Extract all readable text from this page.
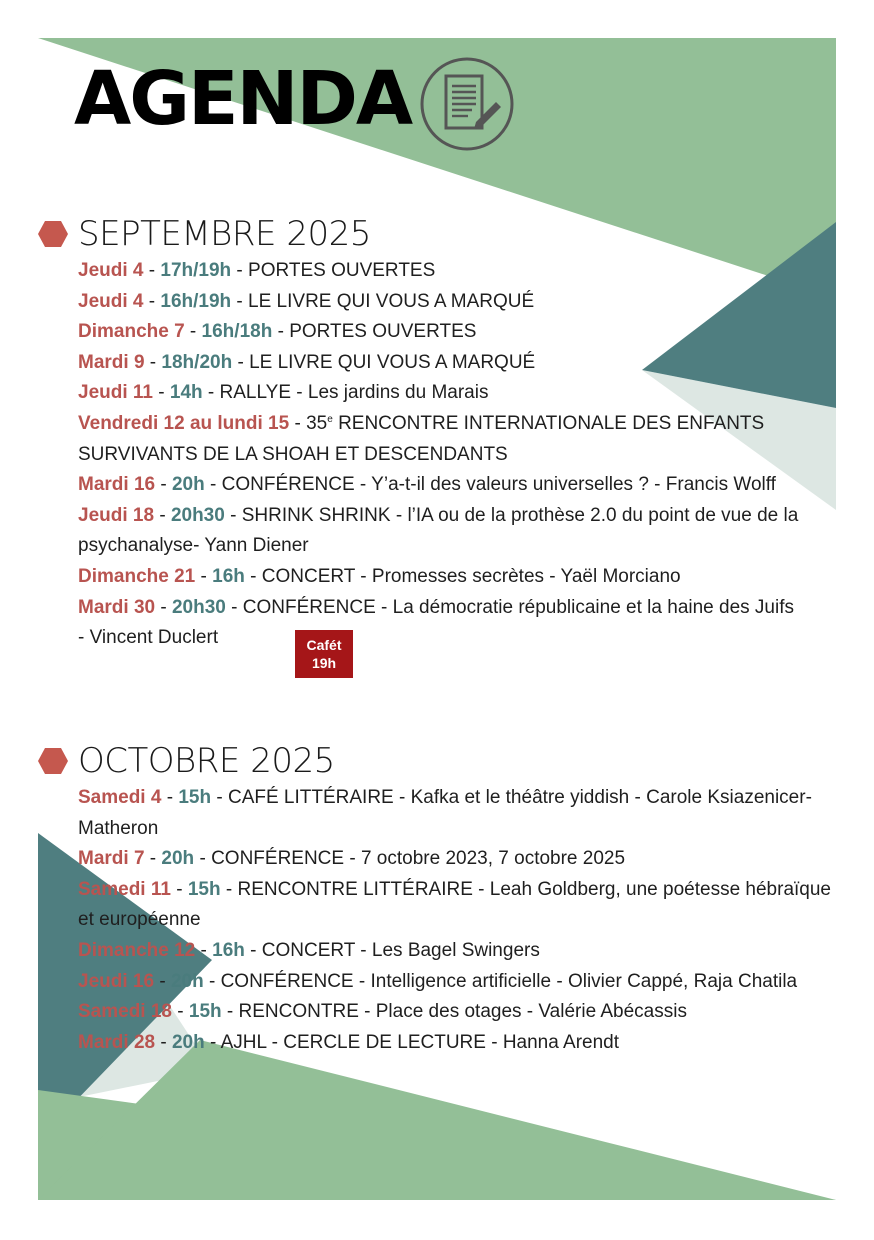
AGENDA
SEPTEMBRE 2025
Jeudi 4 - 17h/19h - PORTES OUVERTES
Jeudi 4 - 16h/19h - LE LIVRE QUI VOUS A MARQUÉ
Dimanche 7 - 16h/18h - PORTES OUVERTES
Mardi 9 - 18h/20h - LE LIVRE QUI VOUS A MARQUÉ
Jeudi 11 - 14h - RALLYE - Les jardins du Marais
Vendredi 12 au lundi 15 - 35e RENCONTRE INTERNATIONALE DES ENFANTS SURVIVANTS DE LA SHOAH ET DESCENDANTS
Mardi 16 - 20h - CONFÉRENCE - Y’a-t-il des valeurs universelles ? - Francis Wolff
Jeudi 18 - 20h30 - SHRINK SHRINK - l’IA ou de la prothèse 2.0 du point de vue de la psychanalyse- Yann Diener
Dimanche 21 - 16h - CONCERT - Promesses secrètes - Yaël Morciano
Mardi 30 - 20h30 - CONFÉRENCE - La démocratie républicaine et la haine des Juifs - Vincent Duclert	Cafét
19h
OCTOBRE 2025
Samedi 4 - 15h - CAFÉ LITTÉRAIRE - Kafka et le théâtre yiddish - Carole Ksiazenicer-Matheron
Mardi 7 - 20h - CONFÉRENCE - 7 octobre 2023, 7 octobre 2025
Samedi 11 - 15h - RENCONTRE LITTÉRAIRE - Leah Goldberg, une poétesse hébraïque et européenne
Dimanche 12 - 16h - CONCERT - Les Bagel Swingers
Jeudi 16 - 20h - CONFÉRENCE - Intelligence artificielle - Olivier Cappé, Raja Chatila
Samedi 18 - 15h - RENCONTRE - Place des otages - Valérie Abécassis
Mardi 28 - 20h - AJHL - CERCLE DE LECTURE - Hanna Arendt
